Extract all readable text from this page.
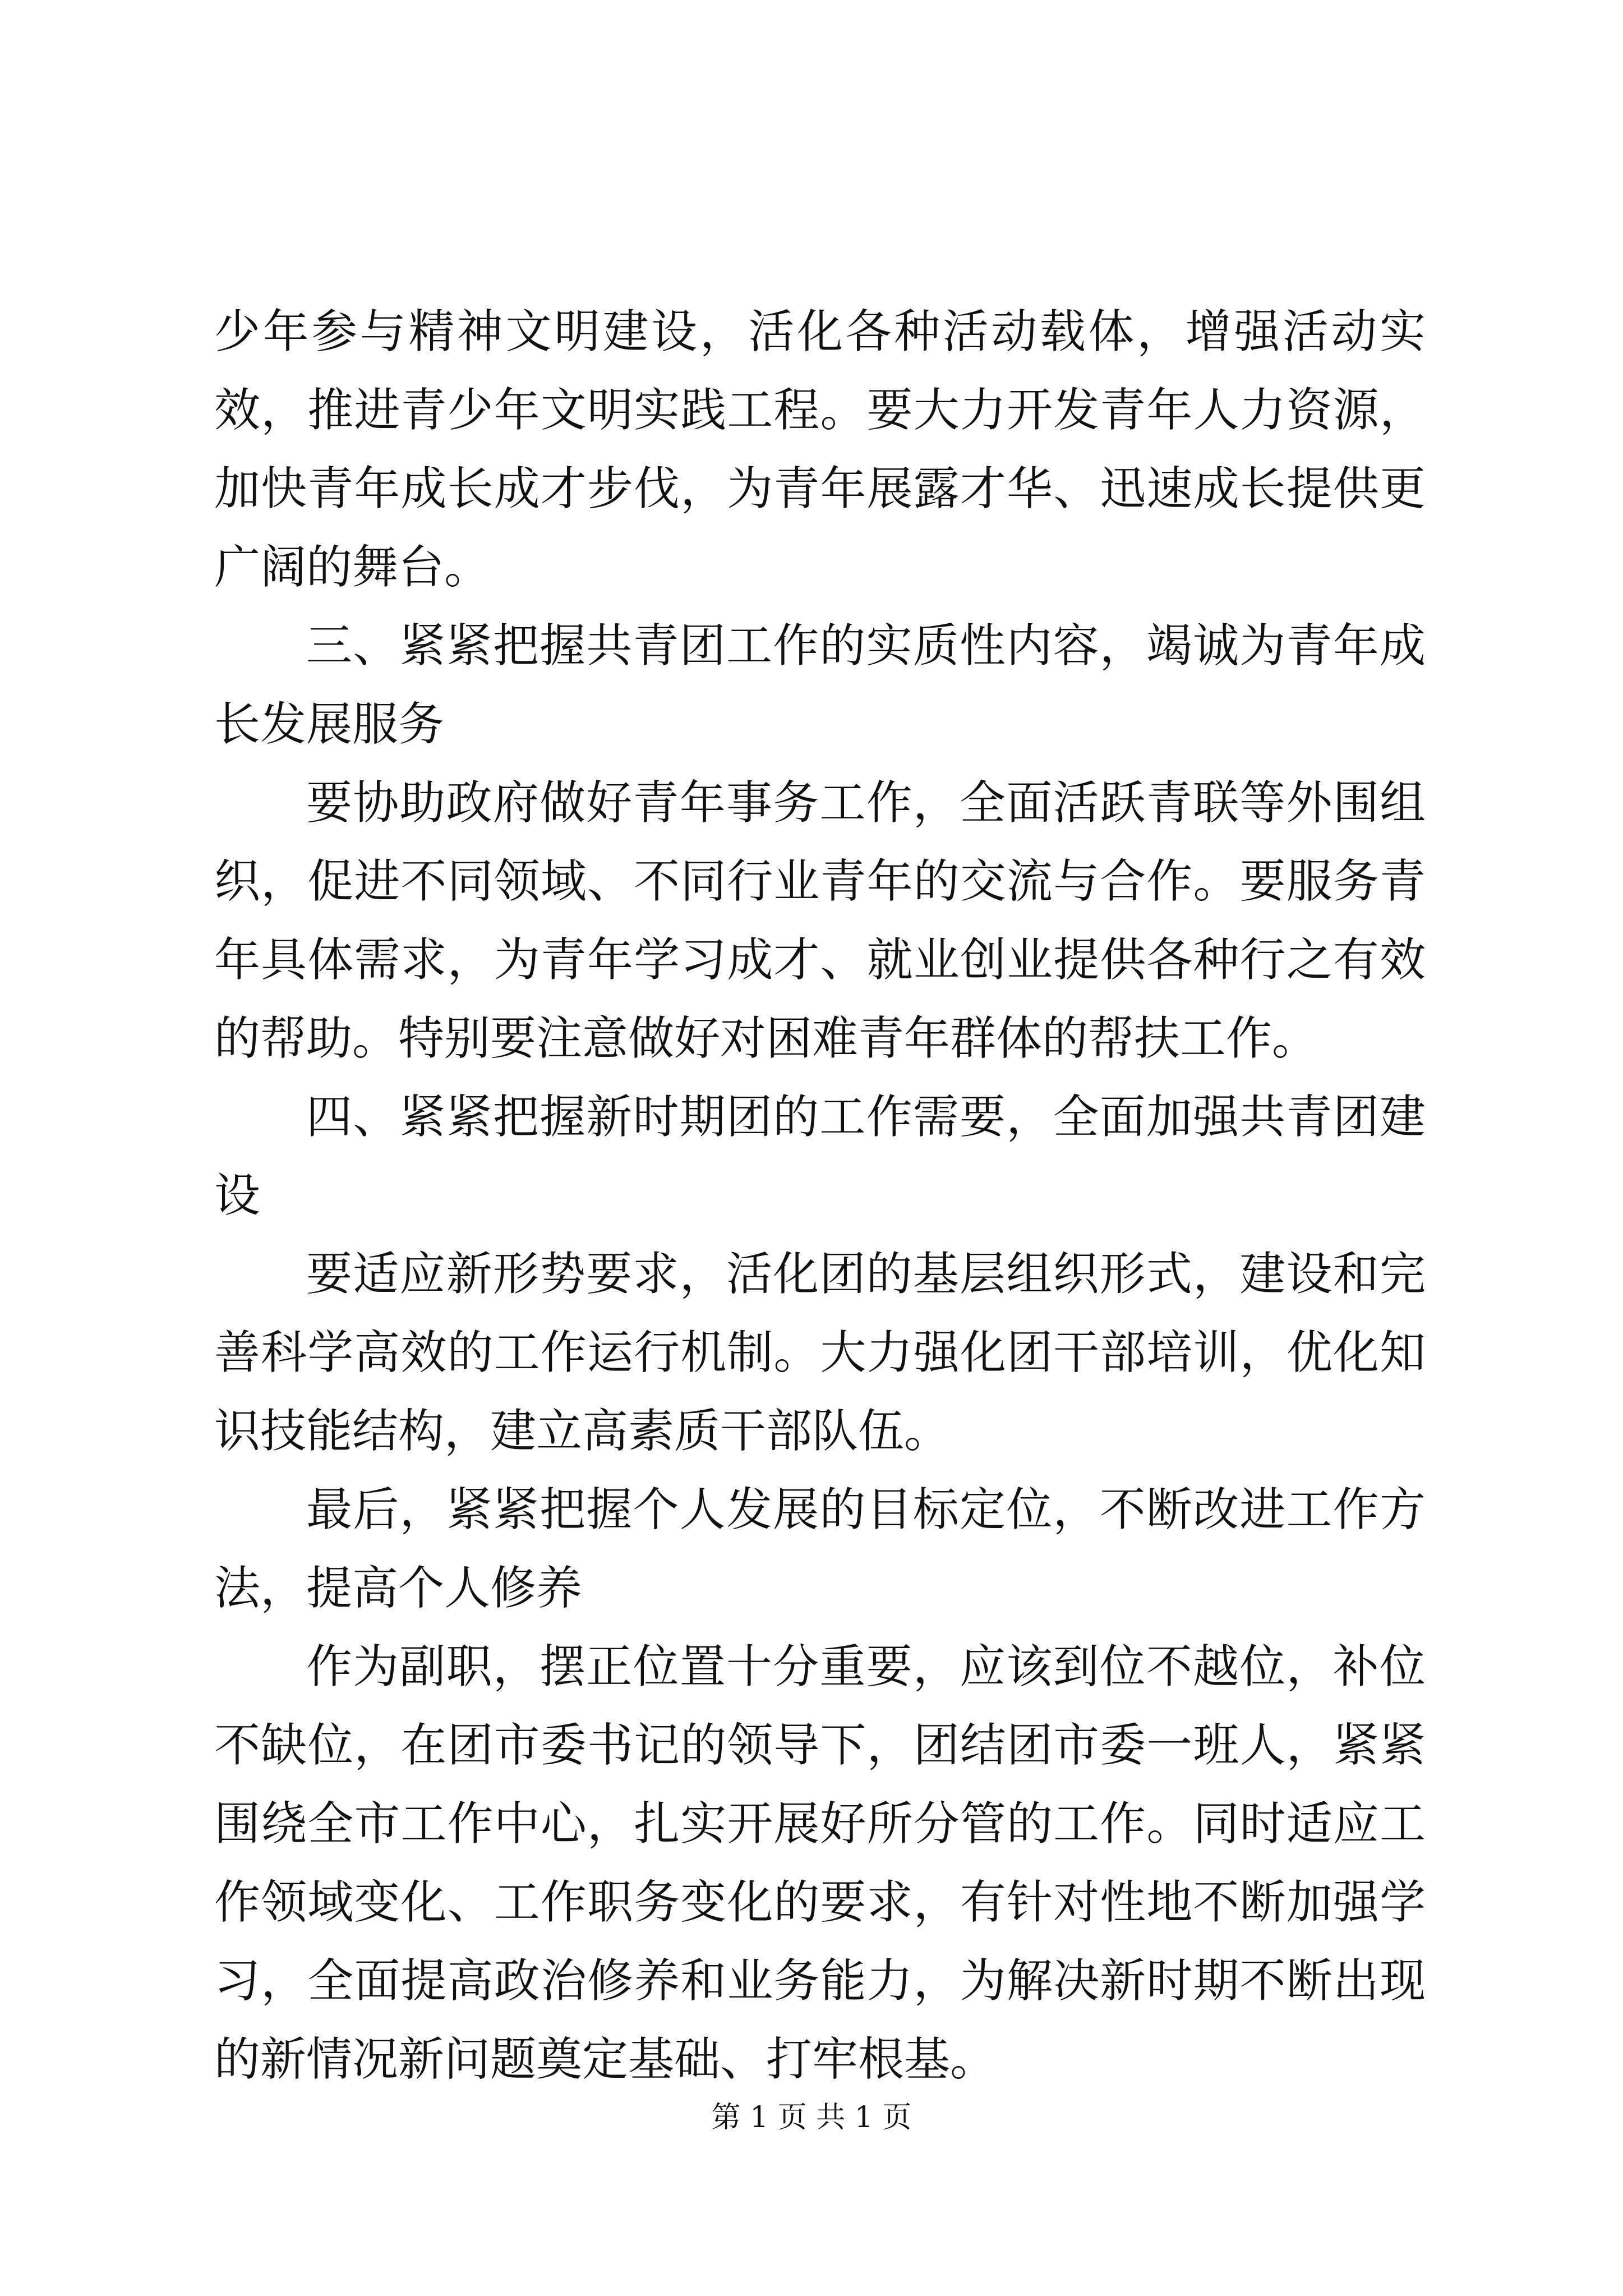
少年参与精神文明建设，活化各种活动载体，增强活动实效，推进青少年文明实践工程。要大力开发青年人力资源，加快青年成长成才步伐，为青年展露才华、迅速成长提供更广阔的舞台。

三、紧紧把握共青团工作的实质性内容，竭诚为青年成长发展服务

要协助政府做好青年事务工作，全面活跃青联等外围组织，促进不同领域、不同行业青年的交流与合作。要服务青年具体需求，为青年学习成才、就业创业提供各种行之有效的帮助。特别要注意做好对困难青年群体的帮扶工作。

四、紧紧把握新时期团的工作需要，全面加强共青团建设

要适应新形势要求，活化团的基层组织形式，建设和完善科学高效的工作运行机制。大力强化团干部培训，优化知识技能结构，建立高素质干部队伍。

最后，紧紧把握个人发展的目标定位，不断改进工作方法，提高个人修养

作为副职，摆正位置十分重要，应该到位不越位，补位不缺位，在团市委书记的领导下，团结团市委一班人，紧紧围绕全市工作中心，扎实开展好所分管的工作。同时适应工作领域变化、工作职务变化的要求，有针对性地不断加强学习，全面提高政治修养和业务能力，为解决新时期不断出现的新情况新问题奠定基础、打牢根基。

第 1 页 共 1 页
